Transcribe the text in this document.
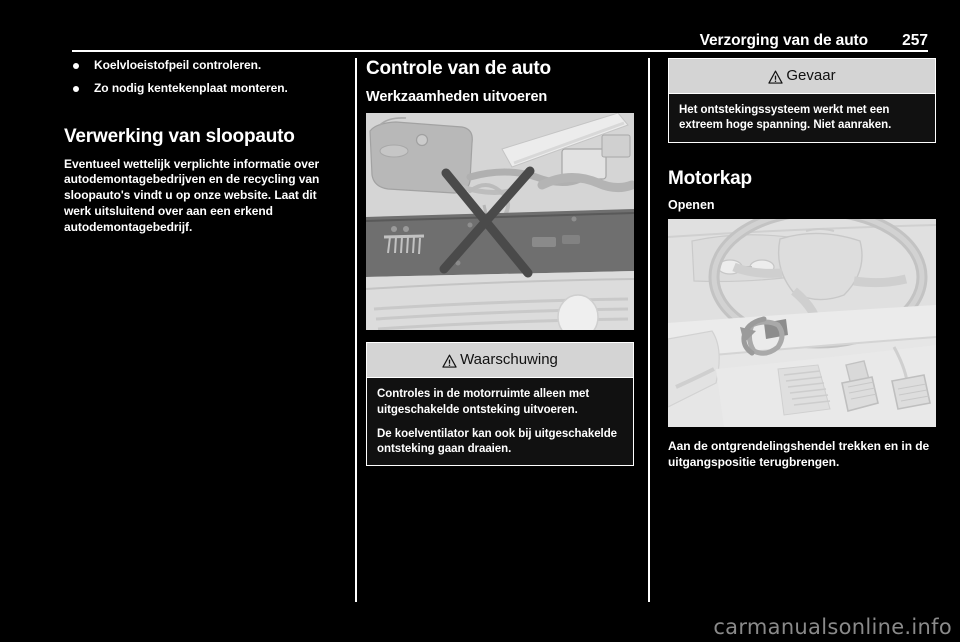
Verzorging van de auto	257
Koelvloeistofpeil controleren.
Zo nodig kentekenplaat monteren.
Verwerking van sloopauto

Eventueel wettelijk verplichte informatie over autodemontagebedrijven en de recycling van sloopauto's vindt u op onze website. Laat dit werk uitsluitend over aan een erkend autodemontagebedrijf.

Controle van de auto
Werkzaamheden uitvoeren
Waarschuwing

Controles in de motorruimte alleen met uitgeschakelde ontsteking uitvoeren.

De koelventilator kan ook bij uitgeschakelde ontsteking gaan draaien.

Gevaar

Het ontstekingssysteem werkt met een extreem hoge spanning. Niet aanraken.

Motorkap
Openen

Aan de ontgrendelingshendel trekken en in de uitgangspositie terugbrengen.

carmanualsonline.info
